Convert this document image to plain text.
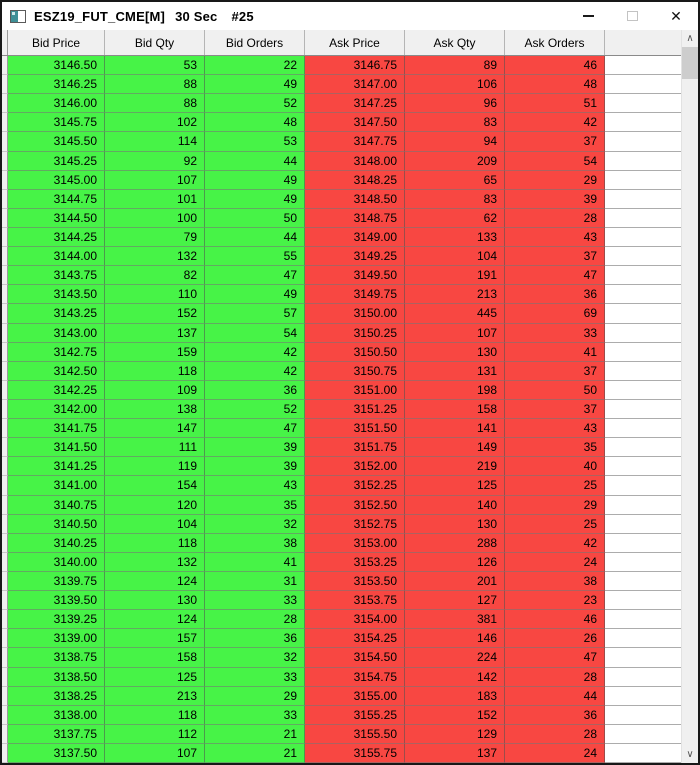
ESZ19_FUT_CME[M] 30 Sec #25	✕
Bid Price	Bid Qty	Bid Orders	Ask Price	Ask Qty	Ask Orders
3146.50	53	22	3146.75	89	46
3146.25	88	49	3147.00	106	48
3146.00	88	52	3147.25	96	51
3145.75	102	48	3147.50	83	42
3145.50	114	53	3147.75	94	37
3145.25	92	44	3148.00	209	54
3145.00	107	49	3148.25	65	29
3144.75	101	49	3148.50	83	39
3144.50	100	50	3148.75	62	28
3144.25	79	44	3149.00	133	43
3144.00	132	55	3149.25	104	37
3143.75	82	47	3149.50	191	47
3143.50	110	49	3149.75	213	36
3143.25	152	57	3150.00	445	69
3143.00	137	54	3150.25	107	33
3142.75	159	42	3150.50	130	41
3142.50	118	42	3150.75	131	37
3142.25	109	36	3151.00	198	50
3142.00	138	52	3151.25	158	37
3141.75	147	47	3151.50	141	43
3141.50	111	39	3151.75	149	35
3141.25	119	39	3152.00	219	40
3141.00	154	43	3152.25	125	25
3140.75	120	35	3152.50	140	29
3140.50	104	32	3152.75	130	25
3140.25	118	38	3153.00	288	42
3140.00	132	41	3153.25	126	24
3139.75	124	31	3153.50	201	38
3139.50	130	33	3153.75	127	23
3139.25	124	28	3154.00	381	46
3139.00	157	36	3154.25	146	26
3138.75	158	32	3154.50	224	47
3138.50	125	33	3154.75	142	28
3138.25	213	29	3155.00	183	44
3138.00	118	33	3155.25	152	36
3137.75	112	21	3155.50	129	28
3137.50	107	21	3155.75	137	24
∧
∨
